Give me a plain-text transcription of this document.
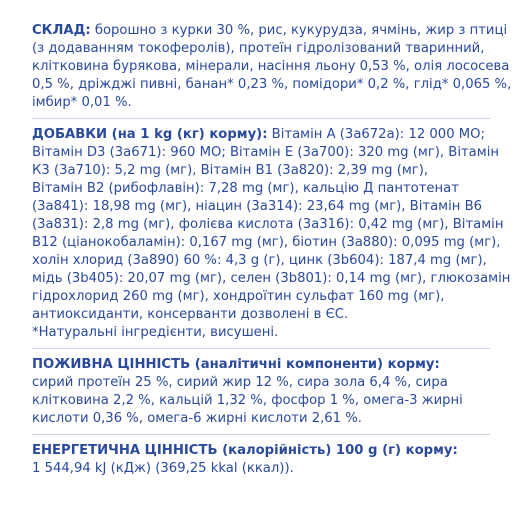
СКЛАД: борошно з курки 30 %, рис, кукурудза, ячмінь, жир з птиці
(з додаванням токоферолів), протеїн гідролізований тваринний,
клітковина бурякова, мінерали, насіння льону 0,53 %, олія лососева
0,5 %, дріжджі пивні, банан* 0,23 %, помідори* 0,2 %, глід* 0,065 %,
імбир* 0,01 %.
ДОБАВКИ (на 1 kg (кг) корму): Вітамін А (3а672а): 12 000 МО;
Вітамін D3 (3а671): 960 МО; Вітамін Е (3а700): 320 mg (мг), Вітамін
К3 (3а710): 5,2 mg (мг), Вітамін В1 (3а820): 2,39 mg (мг),
Вітамін В2 (рибофлавін): 7,28 mg (мг), кальцію Д пантотенат
(3а841): 18,98 mg (мг), ніацин (3а314): 23,64 mg (мг), Вітамін В6
(3а831): 2,8 mg (мг), фолієва кислота (3а316): 0,42 mg (мг), Вітамін
В12 (ціанокобаламін): 0,167 mg (мг), біотин (3а880): 0,095 mg (мг),
холін хлорид (3а890) 60 %: 4,3 g (г), цинк (3b604): 187,4 mg (мг),
мідь (3b405): 20,07 mg (мг), селен (3b801): 0,14 mg (мг), глюкозамін
гідрохлорид 260 mg (мг), хондроїтин сульфат 160 mg (мг),
антиоксиданти, консерванти дозволені в ЄС.
*Натуральні інгредієнти, висушені.
ПОЖИВНА ЦІННІСТЬ (аналітичні компоненти) корму:
сирий протеїн 25 %, сирий жир 12 %, сира зола 6,4 %, сира
клітковина 2,2 %, кальцій 1,32 %, фосфор 1 %, омега-3 жирні
кислоти 0,36 %, омега-6 жирні кислоти 2,61 %.
ЕНЕРГЕТИЧНА ЦІННІСТЬ (калорійність) 100 g (г) корму:
1 544,94 kJ (кДж) (369,25 kkal (ккал)).
